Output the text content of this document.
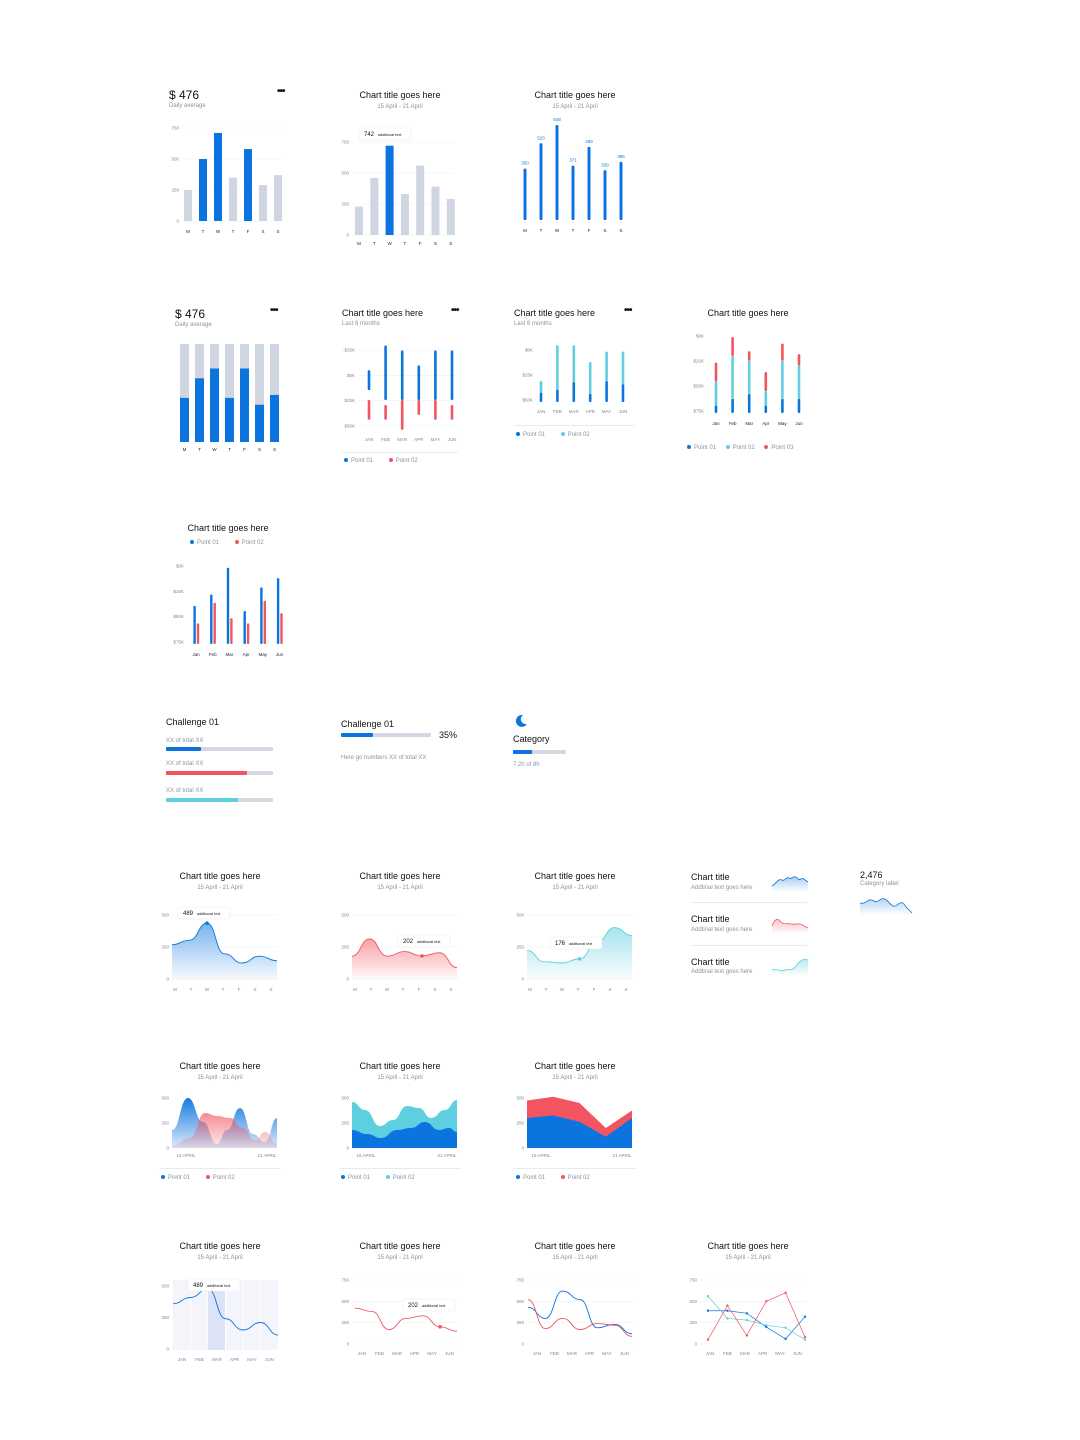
$ 476
Daily average
•••
0
250
500
750
M	T	W	T	F	S	S
Chart title goes here
15 April - 21 April
0
250
500
750
M	T	W	T	F	S	S
742 additional text
Chart title goes here
15 April - 21 April
350
M
523
T
648
W
371
T
499
F
339
S
396
S
$ 476
Daily average
•••
M	T	W	T	F	S	S
Chart title goes here
Last 6 months
•••
$50K
$25K
$0K
-$25K
JAN FEB MAR APR MAY JUN
Point 01	Point 02
Chart title goes here
Last 6 months
•••
$50K
$25K
$0K
JAN FEB MAR APR MAY JUN
Point 01	Point 02
Chart title goes here
$75K
$50K
$25K
$0K
Jan Feb Mar Apr May Jun
Point 01	Point 02	Point 03
Chart title goes here
Point 01	Point 02
$75K
$50K
$25K
$0K
Jan Feb Mar Apr May Jun
Challenge 01
XX of total XX
XX of total XX
XX of total XX
Challenge 01
35%
Here go numbers XX of total XX
Category
7.2h of 8h
Chart title goes here
15 April - 21 April
0
250
500
M	T	W	T	F	S	S
489 additional text
Chart title goes here
15 April - 21 April
0
250
500
M	T	W	T	F	S	S
202 additional text
Chart title goes here
15 April - 21 April
0
250
500
M	T	W	T	F	S	S
176 additional text
Chart title
Addtinal text goes here
Chart title
Addtinal text goes here
Chart title
Addtinal text goes here
2,476
Category label
Chart title goes here
15 April - 21 April
0
250
500
15 APRIL	21 APRIL
Point 01	Point 02
Chart title goes here
15 April - 21 April
0
250
500
15 APRIL	21 APRIL
Point 01	Point 02
Chart title goes here
15 April - 21 April
0
250
500
15 APRIL	21 APRIL
Point 01	Point 02
Chart title goes here
15 April - 21 April
0
250
500	489 additional text
JAN FEB MAR APR MAY JUN
Chart title goes here
15 April - 21 April
0
250
500
750
202 additional text
JAN FEB MAR APR MAY JUN
Chart title goes here
15 April - 21 April
0
250
500
750
JAN FEB MAR APR MAY JUN
Chart title goes here
15 April - 21 April
0
250
500
750
JAN FEB MAR APR MAY JUN
